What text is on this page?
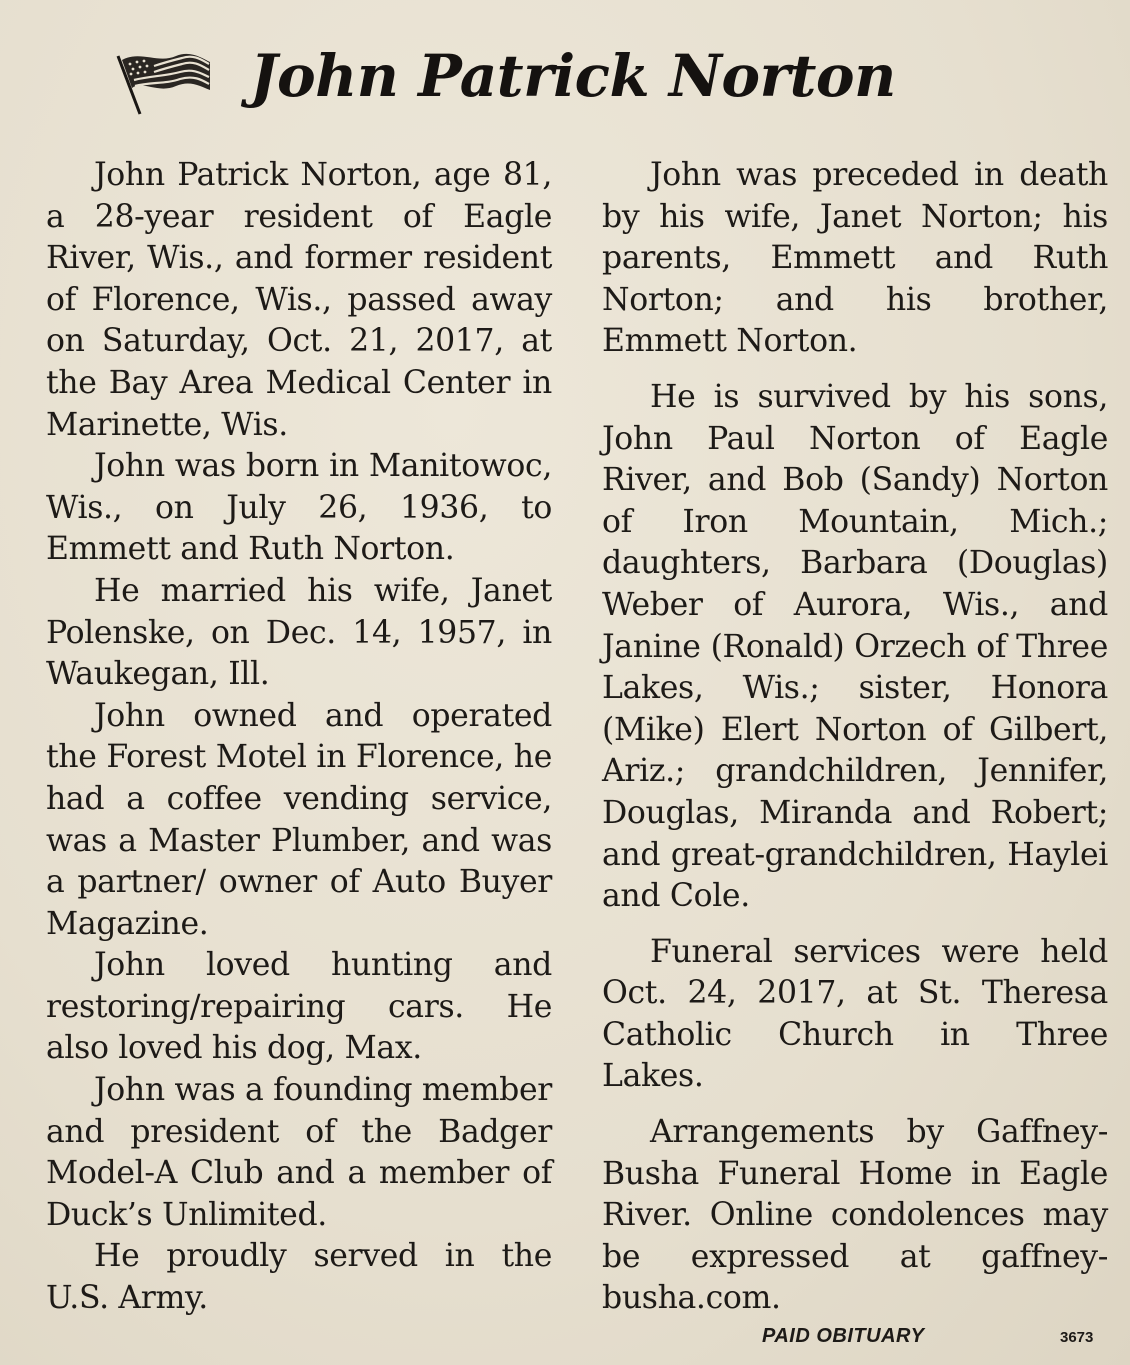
John Patrick Norton

John Patrick Norton, age 81, a 28-year resident of Eagle River, Wis., and former resident of Florence, Wis., passed away on Saturday, Oct. 21, 2017, at the Bay Area Medical Center in Marinette, Wis.

John was born in Manitowoc, Wis., on July 26, 1936, to Emmett and Ruth Norton.

He married his wife, Janet Polenske, on Dec. 14, 1957, in Waukegan, Ill.

John owned and operated the Forest Motel in Florence, he had a coffee vending service, was a Master Plumber, and was a partner/ owner of Auto Buyer Magazine.

John loved hunting and restoring/repairing cars. He also loved his dog, Max.

John was a founding member and president of the Badger Model-A Club and a member of Duck’s Unlimited.

He proudly served in the U.S. Army.

John was preceded in death by his wife, Janet Norton; his parents, Emmett and Ruth Norton; and his brother, Emmett Norton.

He is survived by his sons, John Paul Norton of Eagle River, and Bob (Sandy) Norton of Iron Mountain, Mich.; daughters, Barbara (Douglas) Weber of Aurora, Wis., and Janine (Ronald) Orzech of Three Lakes, Wis.; sister, Honora (Mike) Elert Norton of Gilbert, Ariz.; grandchildren, Jennifer, Douglas, Miranda and Robert; and great-grandchildren, Haylei and Cole.

Funeral services were held Oct. 24, 2017, at St. Theresa Catholic Church in Three Lakes.

Arrangements by Gaffney-Busha Funeral Home in Eagle River. Online condolences may be expressed at gaffney-busha.com.

PAID OBITUARY	3673
